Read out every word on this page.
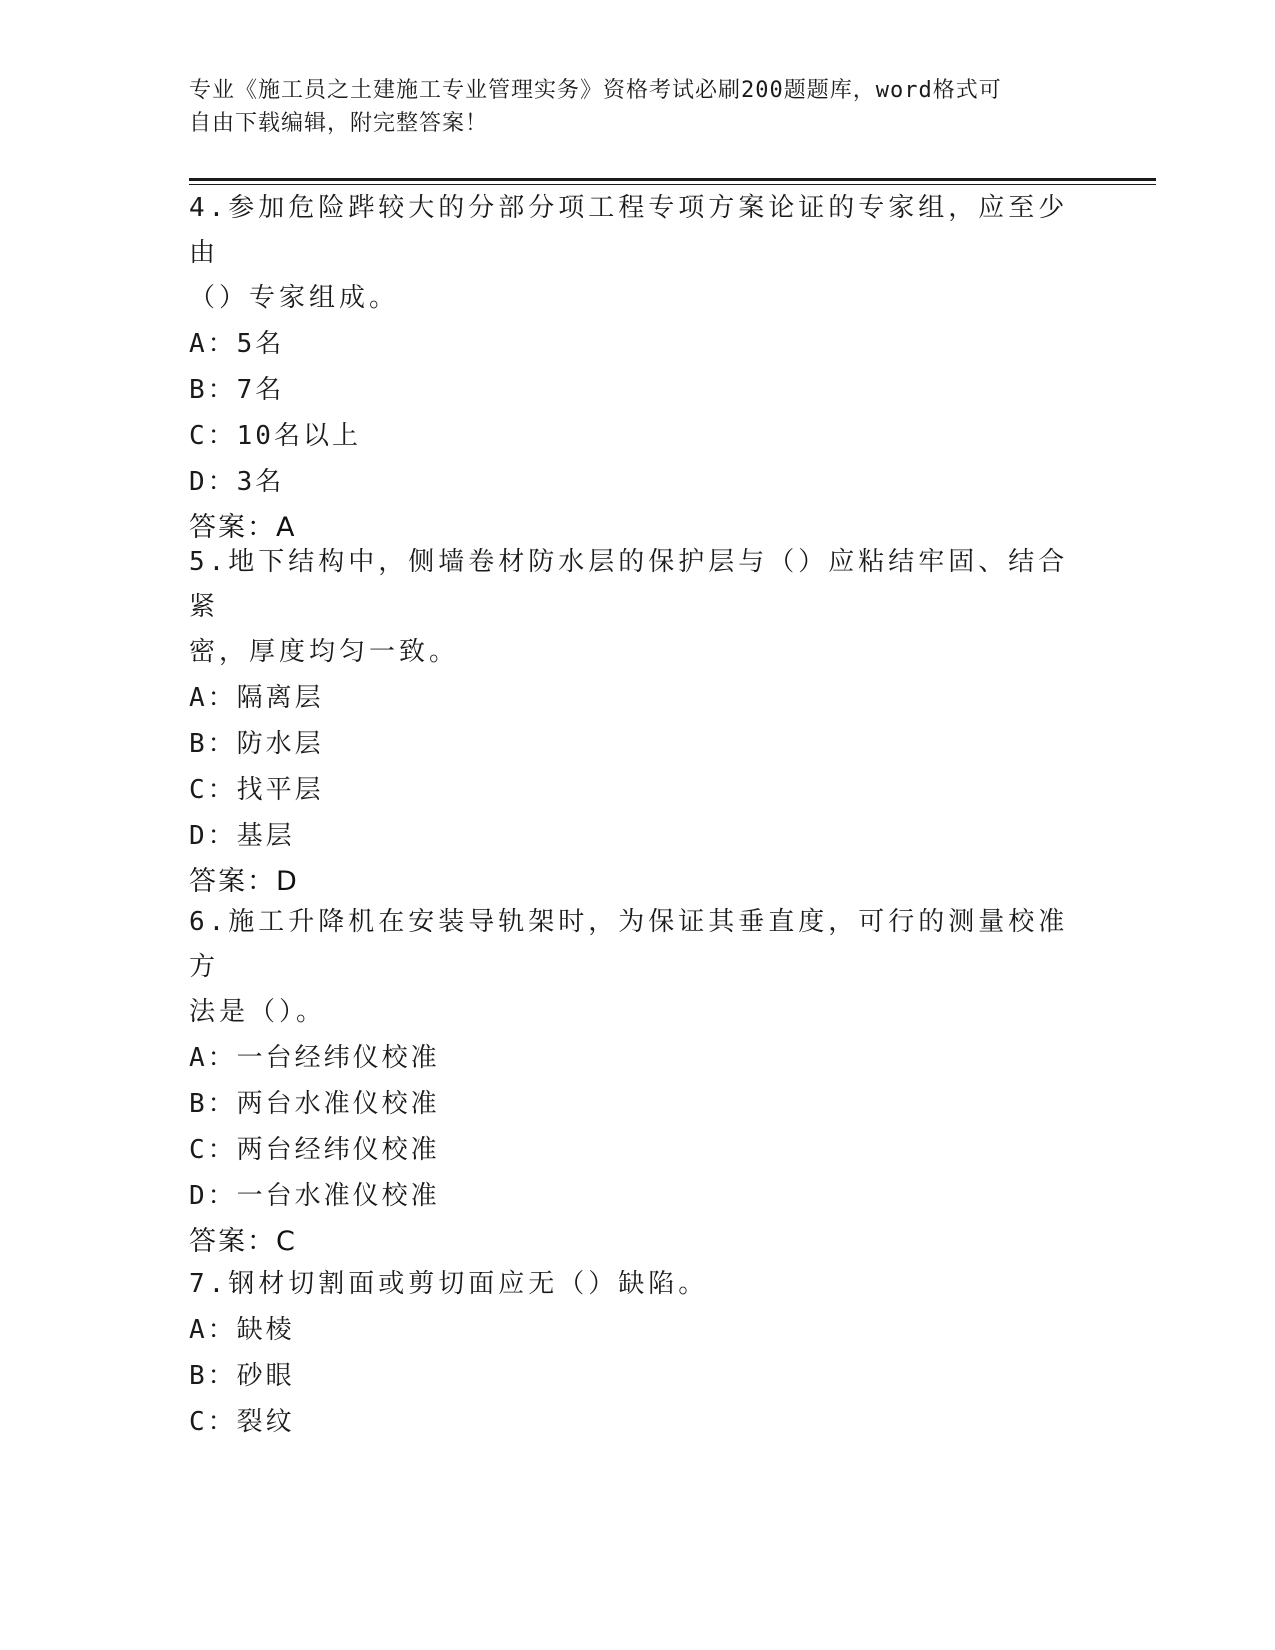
专业《施工员之土建施工专业管理实务》资格考试必刷200题题库，word格式可
自由下载编辑，附完整答案！

4.参加危险跸较大的分部分项工程专项方案论证的专家组，应至少由

（）专家组成。

A：5名

B：7名

C：10名以上

D：3名

答案：A

5.地下结构中，侧墙卷材防水层的保护层与（）应粘结牢固、结合紧

密，厚度均匀一致。

A：隔离层

B：防水层

C：找平层

D：基层

答案：D

6.施工升降机在安装导轨架时，为保证其垂直度，可行的测量校准方

法是（）。

A：一台经纬仪校准

B：两台水准仪校准

C：两台经纬仪校准

D：一台水准仪校准

答案：C

7.钢材切割面或剪切面应无（）缺陷。

A：缺棱

B：砂眼

C：裂纹
